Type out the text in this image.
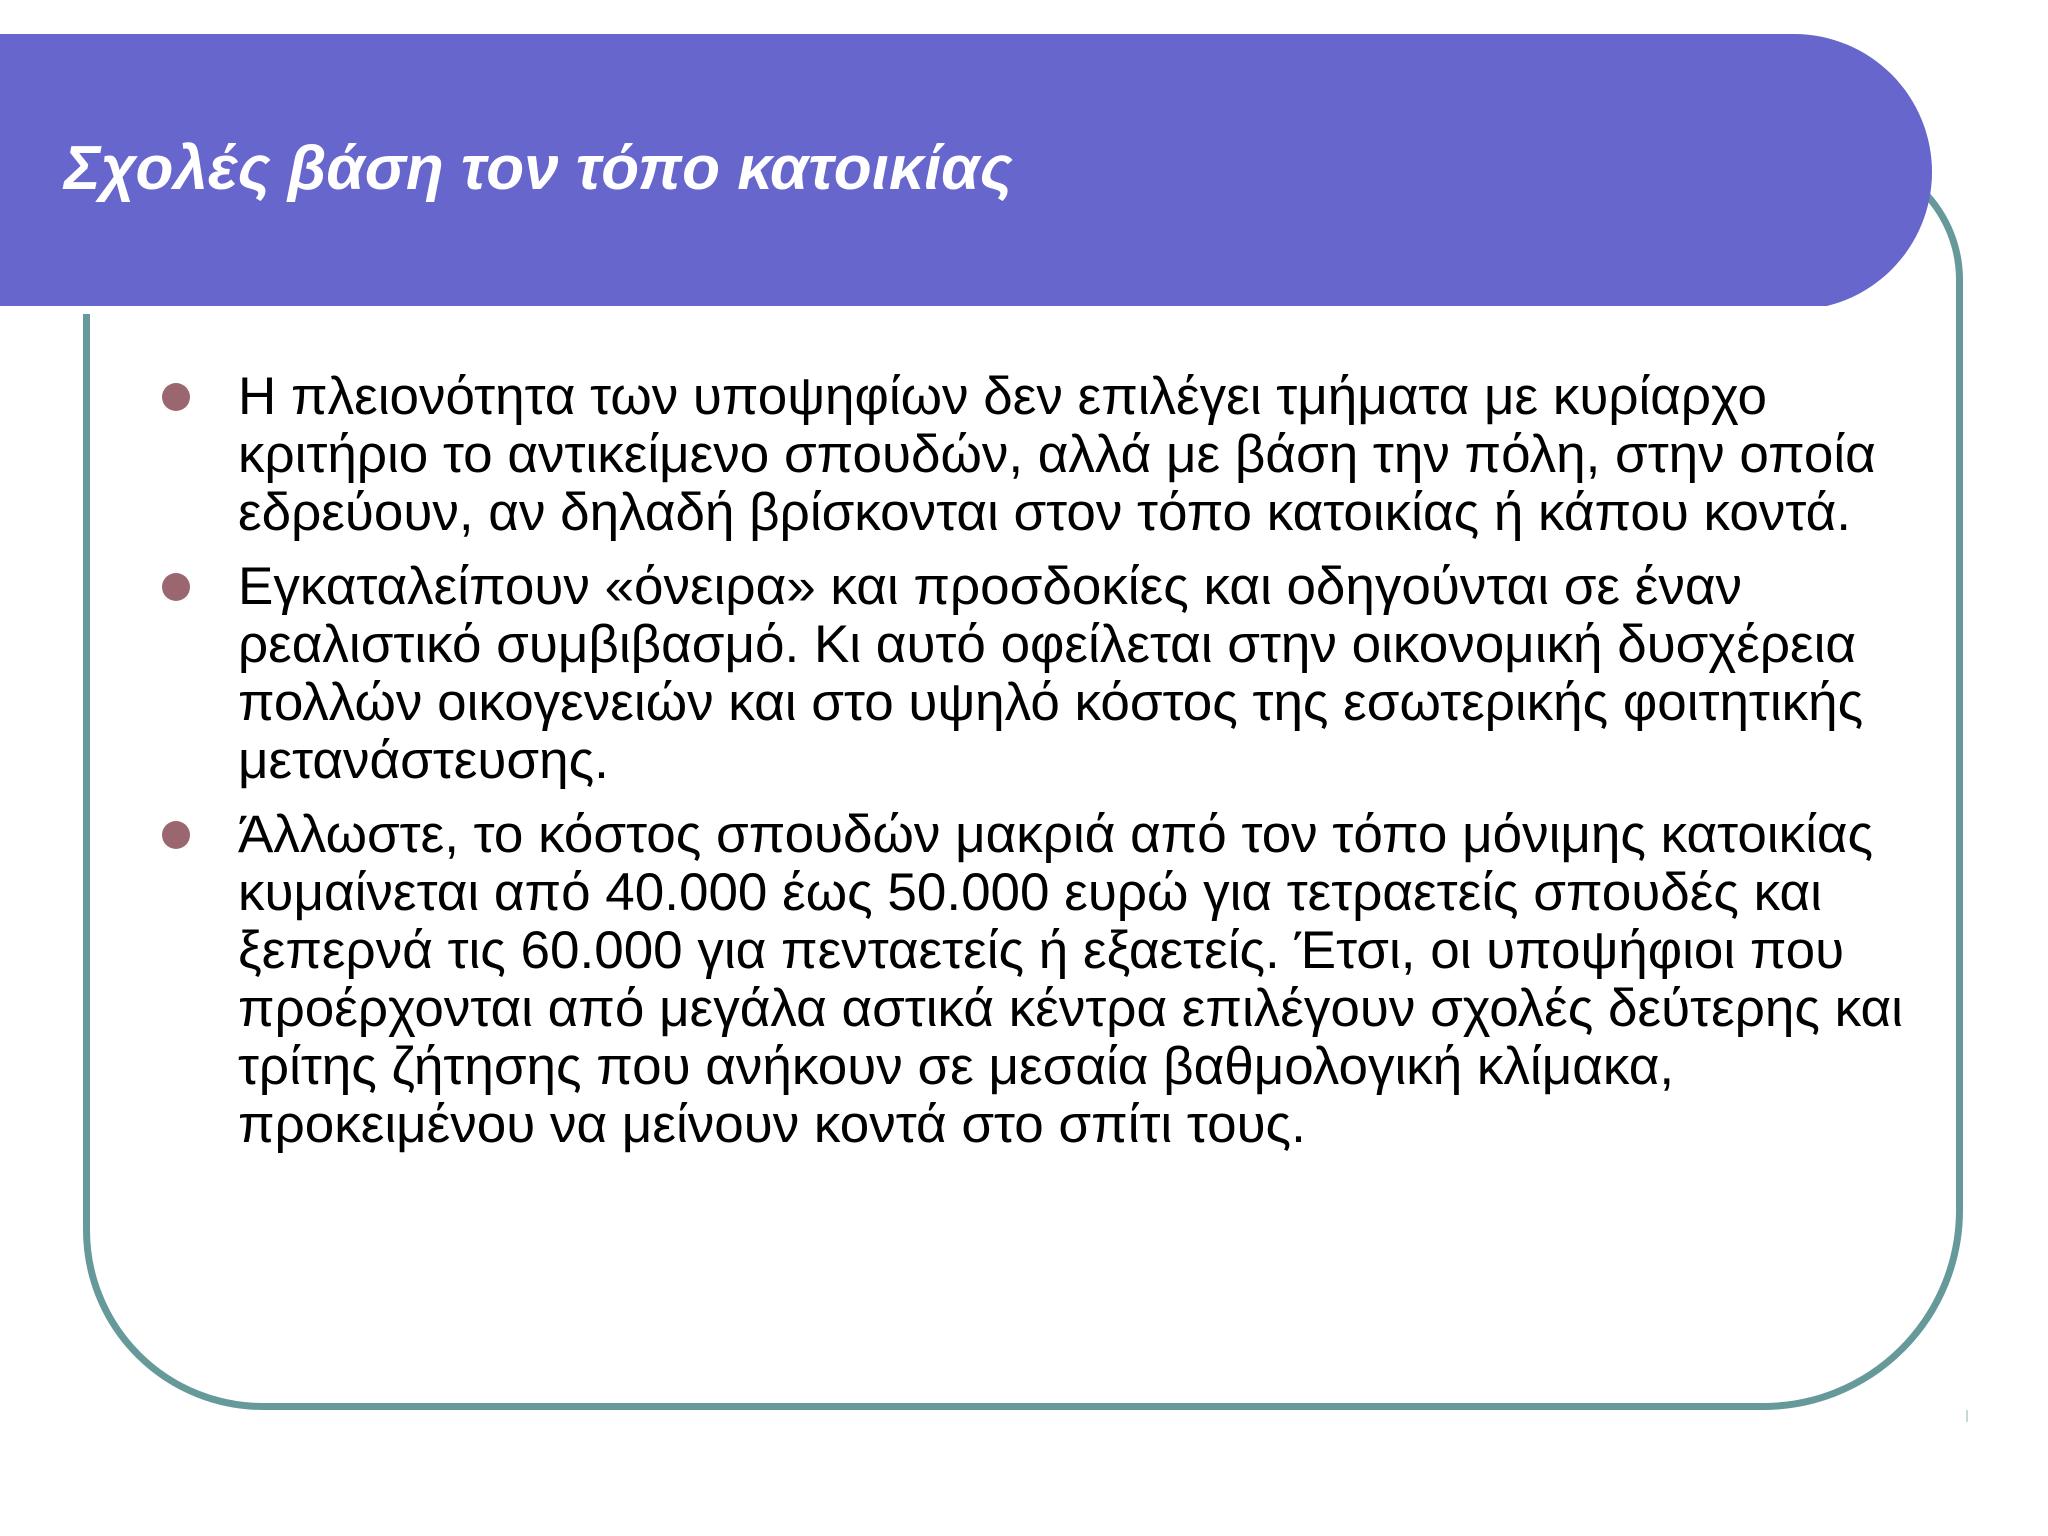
Σχολές βάση τον τόπο κατοικίας
Η πλειονότητα των υποψηφίων δεν επιλέγει τμήματα με κυρίαρχο κριτήριο το αντικείμενο σπουδών, αλλά με βάση την πόλη, στην οποία εδρεύουν, αν δηλαδή βρίσκονται στον τόπο κατοικίας ή κάπου κοντά.
Εγκαταλείπουν «όνειρα» και προσδοκίες και οδηγούνται σε έναν ρεαλιστικό συμβιβασμό. Κι αυτό οφείλεται στην οικονομική δυσχέρεια πολλών οικογενειών και στο υψηλό κόστος της εσωτερικής φοιτητικής μετανάστευσης.
Άλλωστε, το κόστος σπουδών μακριά από τον τόπο μόνιμης κατοικίας κυμαίνεται από 40.000 έως 50.000 ευρώ για τετραετείς σπουδές και ξεπερνά τις 60.000 για πενταετείς ή εξαετείς. Έτσι, οι υποψήφιοι που προέρχονται από μεγάλα αστικά κέντρα επιλέγουν σχολές δεύτερης και τρίτης ζήτησης που ανήκουν σε μεσαία βαθμολογική κλίμακα, προκειμένου να μείνουν κοντά στο σπίτι τους.
